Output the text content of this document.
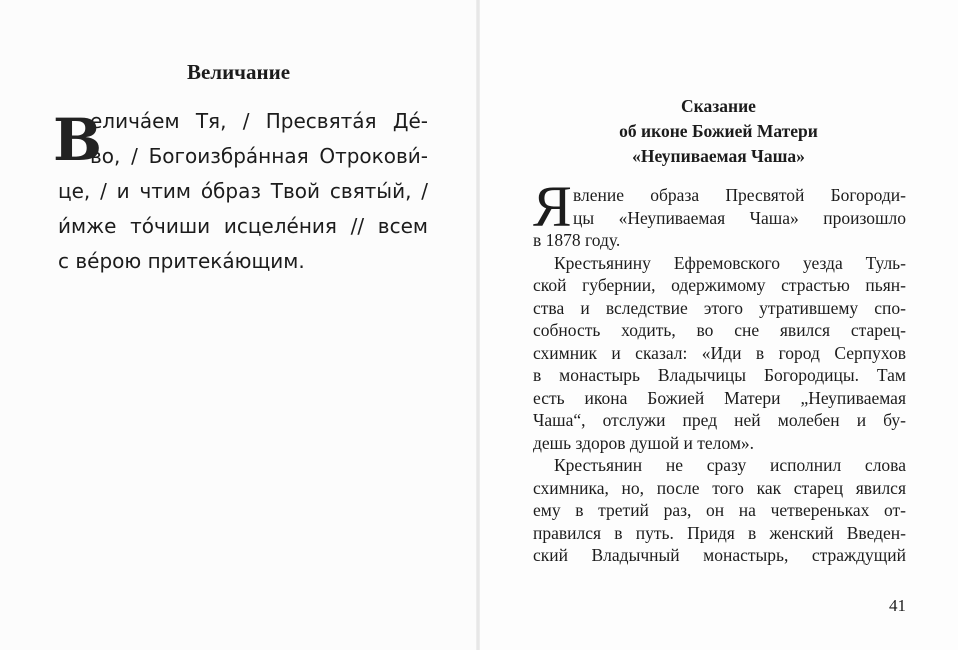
Величание
В
еличáем Тя, / Пресвятáя Дé-
во, / Богоизбрáнная Отрокови́-
це, / и чтим óбраз Твой святы́й, /
и́мже тóчиши исцелéния // всем
с вéрою притекáющим.
Сказание
об иконе Божией Матери
«Неупиваемая Чаша»
Я вление образа Пресвятой Богороди-
цы «Неупиваемая Чаша» произошло
в 1878 году.
Крестьянину Ефремовского уезда Туль-
ской губернии, одержимому страстью пьян-
ства и вследствие этого утратившему спо-
собность ходить, во сне явился старец-
схимник и сказал: «Иди в город Серпухов
в монастырь Владычицы Богородицы. Там
есть икона Божией Матери „Неупиваемая
Чаша“, отслужи пред ней молебен и бу-
дешь здоров душой и телом».
Крестьянин не сразу исполнил слова
схимника, но, после того как старец явился
ему в третий раз, он на четвереньках от-
правился в путь. Придя в женский Введен-
ский Владычный монастырь, страждущий
41
